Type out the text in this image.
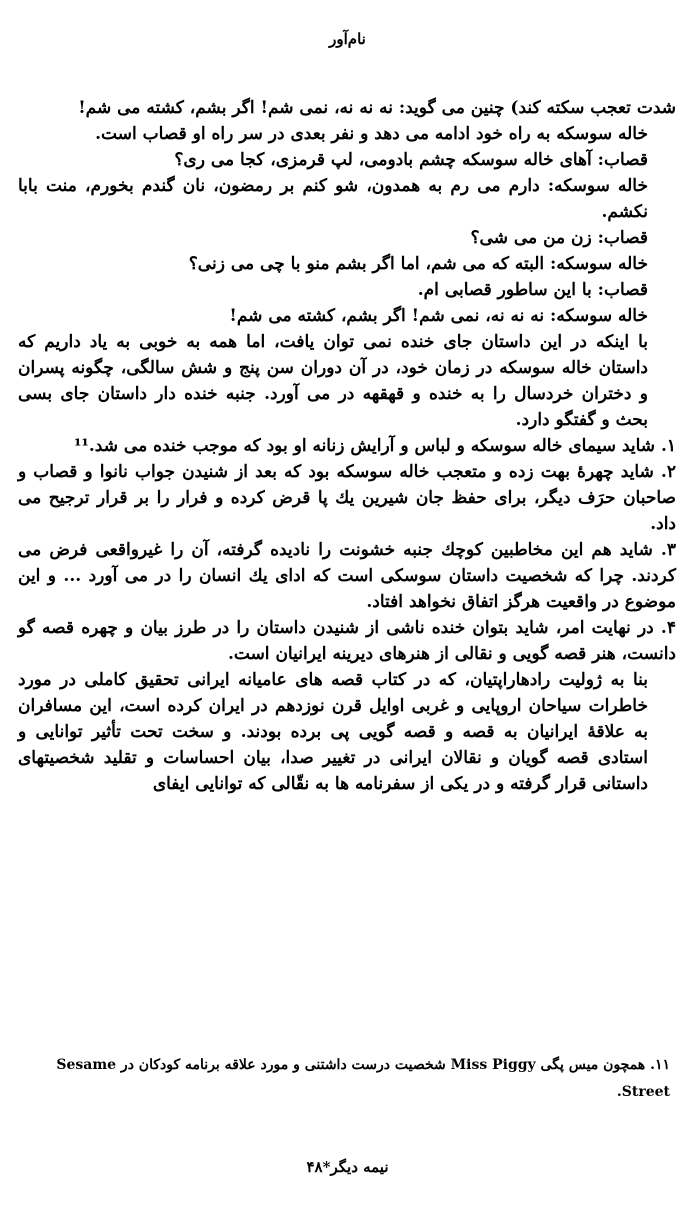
نام‌آور

شدت تعجب سکته کند) چنین می گوید: نه نه نه، نمی شم! اگر بشم، کشته می شم!

خاله سوسکه به راه خود ادامه می دهد و نفر بعدی در سر راه او قصاب است.

قصاب: آهای خاله سوسکه چشم بادومی، لپ قرمزی، کجا می ری؟

خاله سوسکه: دارم می رم به همدون، شو کنم بر رمضون، نان گندم بخورم، منت بابا نکشم.

قصاب: زن من می شی؟

خاله سوسکه: البته که می شم، اما اگر بشم منو با چی می زنی؟

قصاب: با این ساطور قصابی ام.

خاله سوسکه: نه نه نه، نمی شم! اگر بشم، کشته می شم!

با اینکه در این داستان جای خنده نمی توان یافت، اما همه به خوبی به یاد داریم که داستان خاله سوسکه در زمان خود، در آن دوران سن پنج و شش سالگی، چگونه پسران و دختران خردسال را به خنده و قهقهه در می آورد. جنبه خنده دار داستان جای بسی بحث و گفتگو دارد.

۱. شاید سیمای خاله سوسکه و لباس و آرایش زنانه او بود که موجب خنده می شد.¹¹

۲. شاید چهرهٔ بهت زده و متعجب خاله سوسکه بود که بعد از شنیدن جواب نانوا و قصاب و صاحبان حرَف دیگر، برای حفظ جان شیرین یك پا قرض کرده و فرار را بر قرار ترجیح می داد.

۳. شاید هم این مخاطبین کوچك جنبه خشونت را نادیده گرفته، آن را غیرواقعی فرض می کردند. چرا که شخصیت داستان سوسکی است که ادای یك انسان را در می آورد ... و این موضوع در واقعیت هرگز اتفاق نخواهد افتاد.

۴. در نهایت امر، شاید بتوان خنده ناشی از شنیدن داستان را در طرز بیان و چهره قصه گو دانست، هنر قصه گویی و نقالی از هنرهای دیرینه ایرانیان است.

بنا به ژولیت رادهاراپتیان، که در کتاب قصه های عامیانه ایرانی تحقیق کاملی در مورد خاطرات سیاحان اروپایی و غربی اوایل قرن نوزدهم در ایران کرده است، این مسافران به علاقهٔ ایرانیان به قصه و قصه گویی پی برده بودند. و سخت تحت تأثیر توانایی و استادی قصه گویان و نقالان ایرانی در تغییر صدا، بیان احساسات و تقلید شخصیتهای داستانی قرار گرفته و در یکی از سفرنامه ها به نقّالی که توانایی ایفای

۱۱. همچون میس پگی Miss Piggy شخصیت درست داشتنی و مورد علاقه برنامه کودکان در Sesame Street.

نیمه دیگر*۴۸
